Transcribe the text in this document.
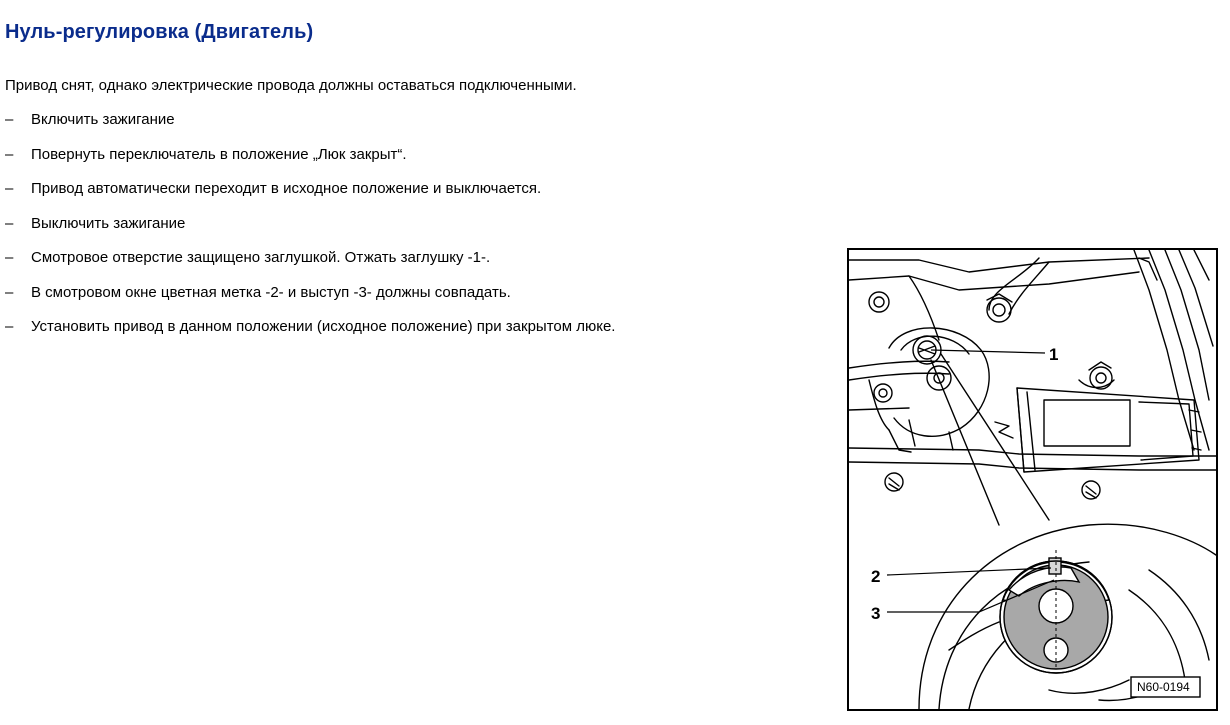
Нуль-регулировка (Двигатель)

Привод снят, однако электрические провода должны оставаться подключенными.

– Включить зажигание
– Повернуть переключатель в положение „Люк закрыт“.
– Привод автоматически переходит в исходное положение и выключается.
– Выключить зажигание
– Смотровое отверстие защищено заглушкой. Отжать заглушку -1-.
– В смотровом окне цветная метка -2- и выступ -3- должны совпадать.
– Установить привод в данном положении (исходное положение) при закрытом люке.
1
2
3
N60-0194
